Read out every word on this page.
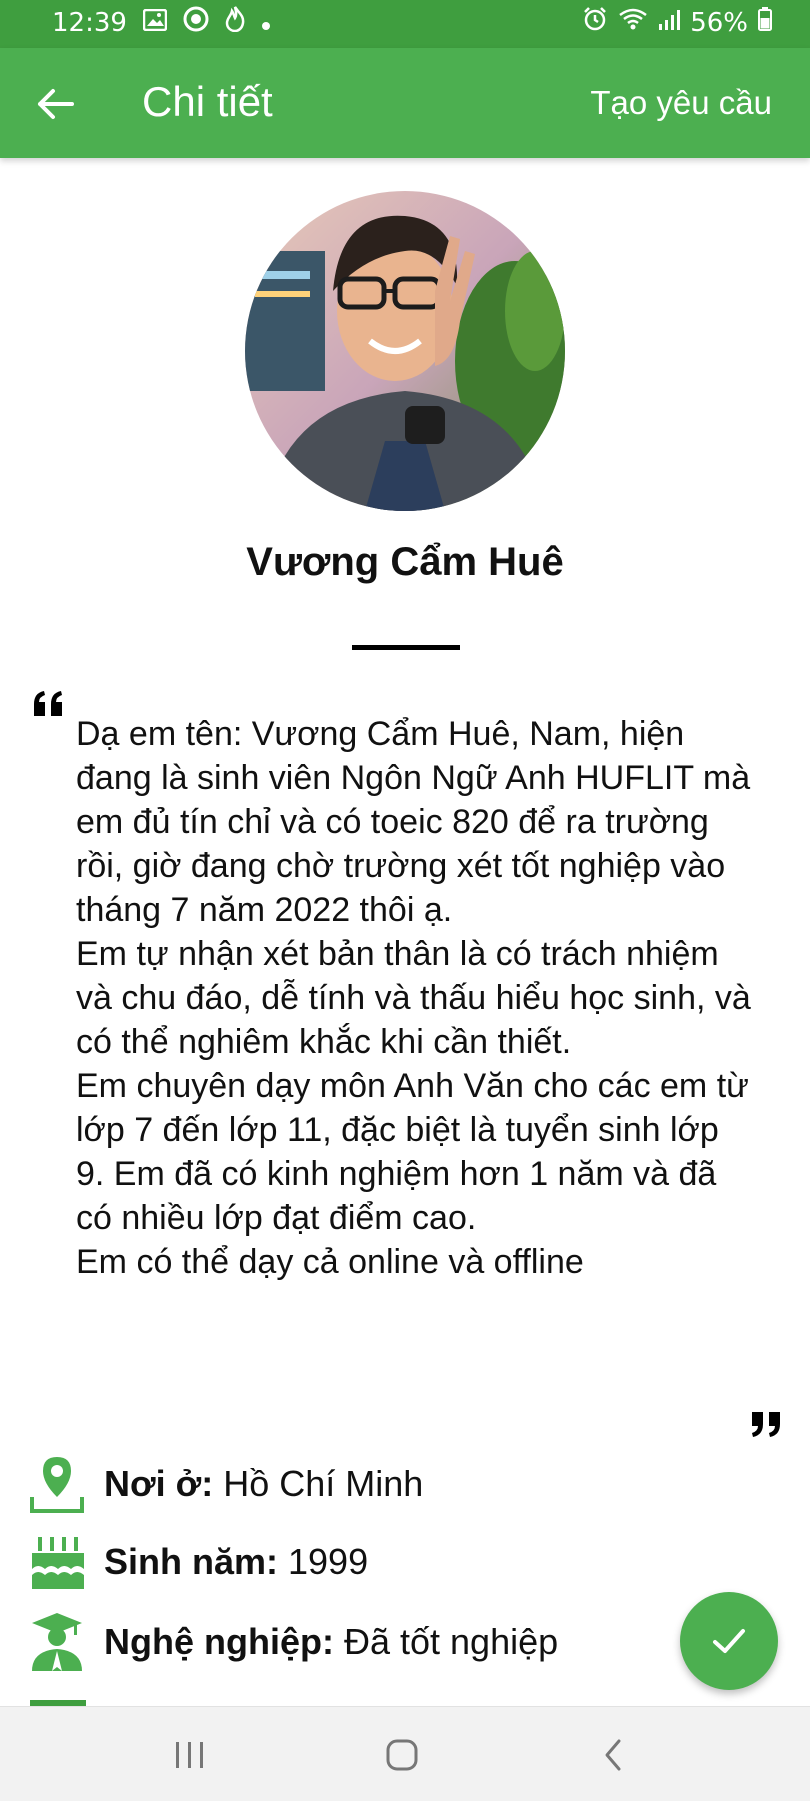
12:39	56%
Chi tiết	Tạo yêu cầu
Vương Cẩm Huê

Dạ em tên: Vương Cẩm Huê, Nam, hiện đang là sinh viên Ngôn Ngữ Anh HUFLIT mà em đủ tín chỉ và có toeic 820 để ra trường rồi, giờ đang chờ trường xét tốt nghiệp vào tháng 7 năm 2022 thôi ạ.

Em tự nhận xét bản thân là có trách nhiệm và chu đáo, dễ tính và thấu hiểu học sinh, và có thể nghiêm khắc khi cần thiết.

Em chuyên dạy môn Anh Văn cho các em từ lớp 7 đến lớp 11, đặc biệt là tuyển sinh lớp 9. Em đã có kinh nghiệm hơn 1 năm và đã có nhiều lớp đạt điểm cao.

Em có thể dạy cả online và offline

Nơi ở: Hồ Chí Minh
Sinh năm: 1999
Nghệ nghiệp: Đã tốt nghiệp
